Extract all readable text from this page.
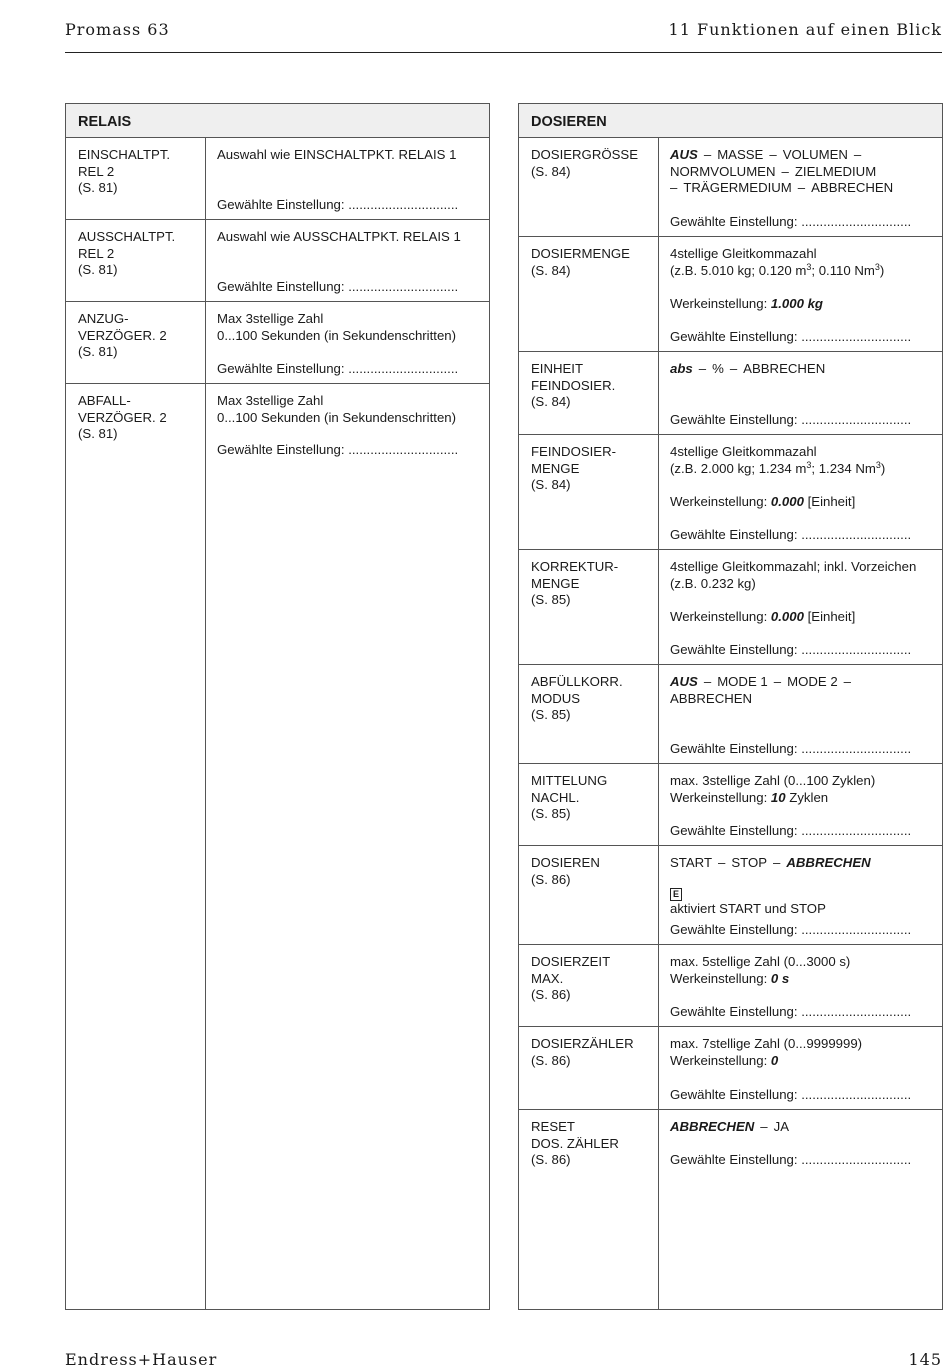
Promass 63	11 Funktionen auf einen Blick
RELAIS
EINSCHALTPT.
REL 2
(S. 81)
Auswahl wie EINSCHALTPKT. RELAIS 1
Gewählte Einstellung: ..............................
AUSSCHALTPT.
REL 2
(S. 81)
Auswahl wie AUSSCHALTPKT. RELAIS 1
Gewählte Einstellung: ..............................
ANZUG-
VERZÖGER. 2
(S. 81)
Max 3stellige Zahl
0...100 Sekunden (in Sekundenschritten)
Gewählte Einstellung: ..............................
ABFALL-
VERZÖGER. 2
(S. 81)
Max 3stellige Zahl
0...100 Sekunden (in Sekundenschritten)
Gewählte Einstellung: ..............................
DOSIEREN
DOSIERGRÖSSE
(S. 84)
AUS – MASSE – VOLUMEN –
NORMVOLUMEN – ZIELMEDIUM
– TRÄGERMEDIUM – ABBRECHEN
Gewählte Einstellung: ..............................
DOSIERMENGE
(S. 84)
4stellige Gleitkommazahl
(z.B. 5.010 kg; 0.120 $m^3$; 0.110 Nm$^3$)
Werkeinstellung: 1.000 kg
Gewählte Einstellung: ..............................
EINHEIT
FEINDOSIER.
(S. 84)
abs – % – ABBRECHEN
Gewählte Einstellung: ..............................
FEINDOSIER-
MENGE
(S. 84)
4stellige Gleitkommazahl
(z.B. 2.000 kg; 1.234 $m^3$; 1.234 Nm$^3$)
Werkeinstellung: 0.000 [Einheit]
Gewählte Einstellung: ..............................
KORREKTUR-
MENGE
(S. 85)
4stellige Gleitkommazahl; inkl. Vorzeichen
(z.B. 0.232 kg)
Werkeinstellung: 0.000 [Einheit]
Gewählte Einstellung: ..............................
ABFÜLLKORR.
MODUS
(S. 85)
AUS – MODE 1 – MODE 2 –
ABBRECHEN
Gewählte Einstellung: ..............................
MITTELUNG
NACHL.
(S. 85)
max. 3stellige Zahl (0...100 Zyklen)
Werkeinstellung: 10 Zyklen
Gewählte Einstellung: ..............................
DOSIEREN
(S. 86)
START – STOP – ABBRECHEN
E
aktiviert START und STOP
Gewählte Einstellung: ..............................
DOSIERZEIT
MAX.
(S. 86)
max. 5stellige Zahl (0...3000 s)
Werkeinstellung: 0 s
Gewählte Einstellung: ..............................
DOSIERZÄHLER
(S. 86)
max. 7stellige Zahl (0...9999999)
Werkeinstellung: 0
Gewählte Einstellung: ..............................
RESET
DOS. ZÄHLER
(S. 86)
ABBRECHEN – JA
Gewählte Einstellung: ..............................
Endress+Hauser	145
